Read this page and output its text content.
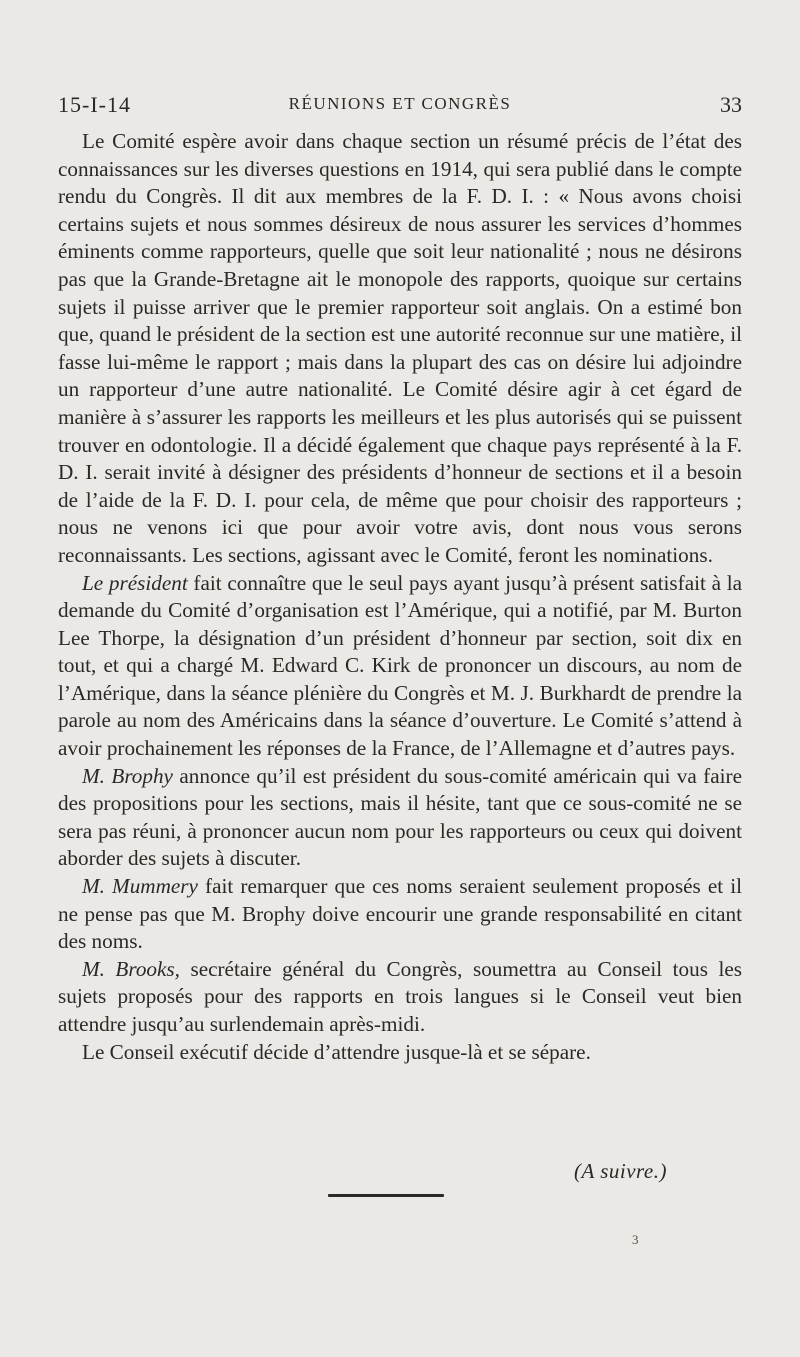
15-I-14	RÉUNIONS ET CONGRÈS	33

Le Comité espère avoir dans chaque section un résumé précis de l’état des connaissances sur les diverses questions en 1914, qui sera publié dans le compte rendu du Congrès. Il dit aux membres de la F. D. I. : « Nous avons choisi certains sujets et nous sommes désireux de nous assurer les services d’hommes éminents comme rapporteurs, quelle que soit leur nationalité ; nous ne désirons pas que la Grande-Bretagne ait le monopole des rapports, quoique sur certains sujets il puisse arriver que le premier rapporteur soit anglais. On a estimé bon que, quand le président de la section est une autorité reconnue sur une matière, il fasse lui-même le rapport ; mais dans la plupart des cas on désire lui adjoindre un rapporteur d’une autre nationalité. Le Comité désire agir à cet égard de manière à s’assurer les rapports les meilleurs et les plus autorisés qui se puissent trouver en odontologie. Il a décidé également que chaque pays représenté à la F. D. I. serait invité à désigner des présidents d’honneur de sections et il a besoin de l’aide de la F. D. I. pour cela, de même que pour choisir des rapporteurs ; nous ne venons ici que pour avoir votre avis, dont nous vous serons reconnaissants. Les sections, agissant avec le Comité, feront les nominations.

Le président fait connaître que le seul pays ayant jusqu’à présent satisfait à la demande du Comité d’organisation est l’Amérique, qui a notifié, par M. Burton Lee Thorpe, la désignation d’un président d’honneur par section, soit dix en tout, et qui a chargé M. Edward C. Kirk de prononcer un discours, au nom de l’Amérique, dans la séance plénière du Congrès et M. J. Burkhardt de prendre la parole au nom des Américains dans la séance d’ouverture. Le Comité s’attend à avoir prochainement les réponses de la France, de l’Allemagne et d’autres pays.

M. Brophy annonce qu’il est président du sous-comité américain qui va faire des propositions pour les sections, mais il hésite, tant que ce sous-comité ne se sera pas réuni, à prononcer aucun nom pour les rapporteurs ou ceux qui doivent aborder des sujets à discuter.

M. Mummery fait remarquer que ces noms seraient seulement proposés et il ne pense pas que M. Brophy doive encourir une grande responsabilité en citant des noms.

M. Brooks, secrétaire général du Congrès, soumettra au Conseil tous les sujets proposés pour des rapports en trois langues si le Conseil veut bien attendre jusqu’au surlendemain après-midi.

Le Conseil exécutif décide d’attendre jusque-là et se sépare.

(A suivre.)
3
